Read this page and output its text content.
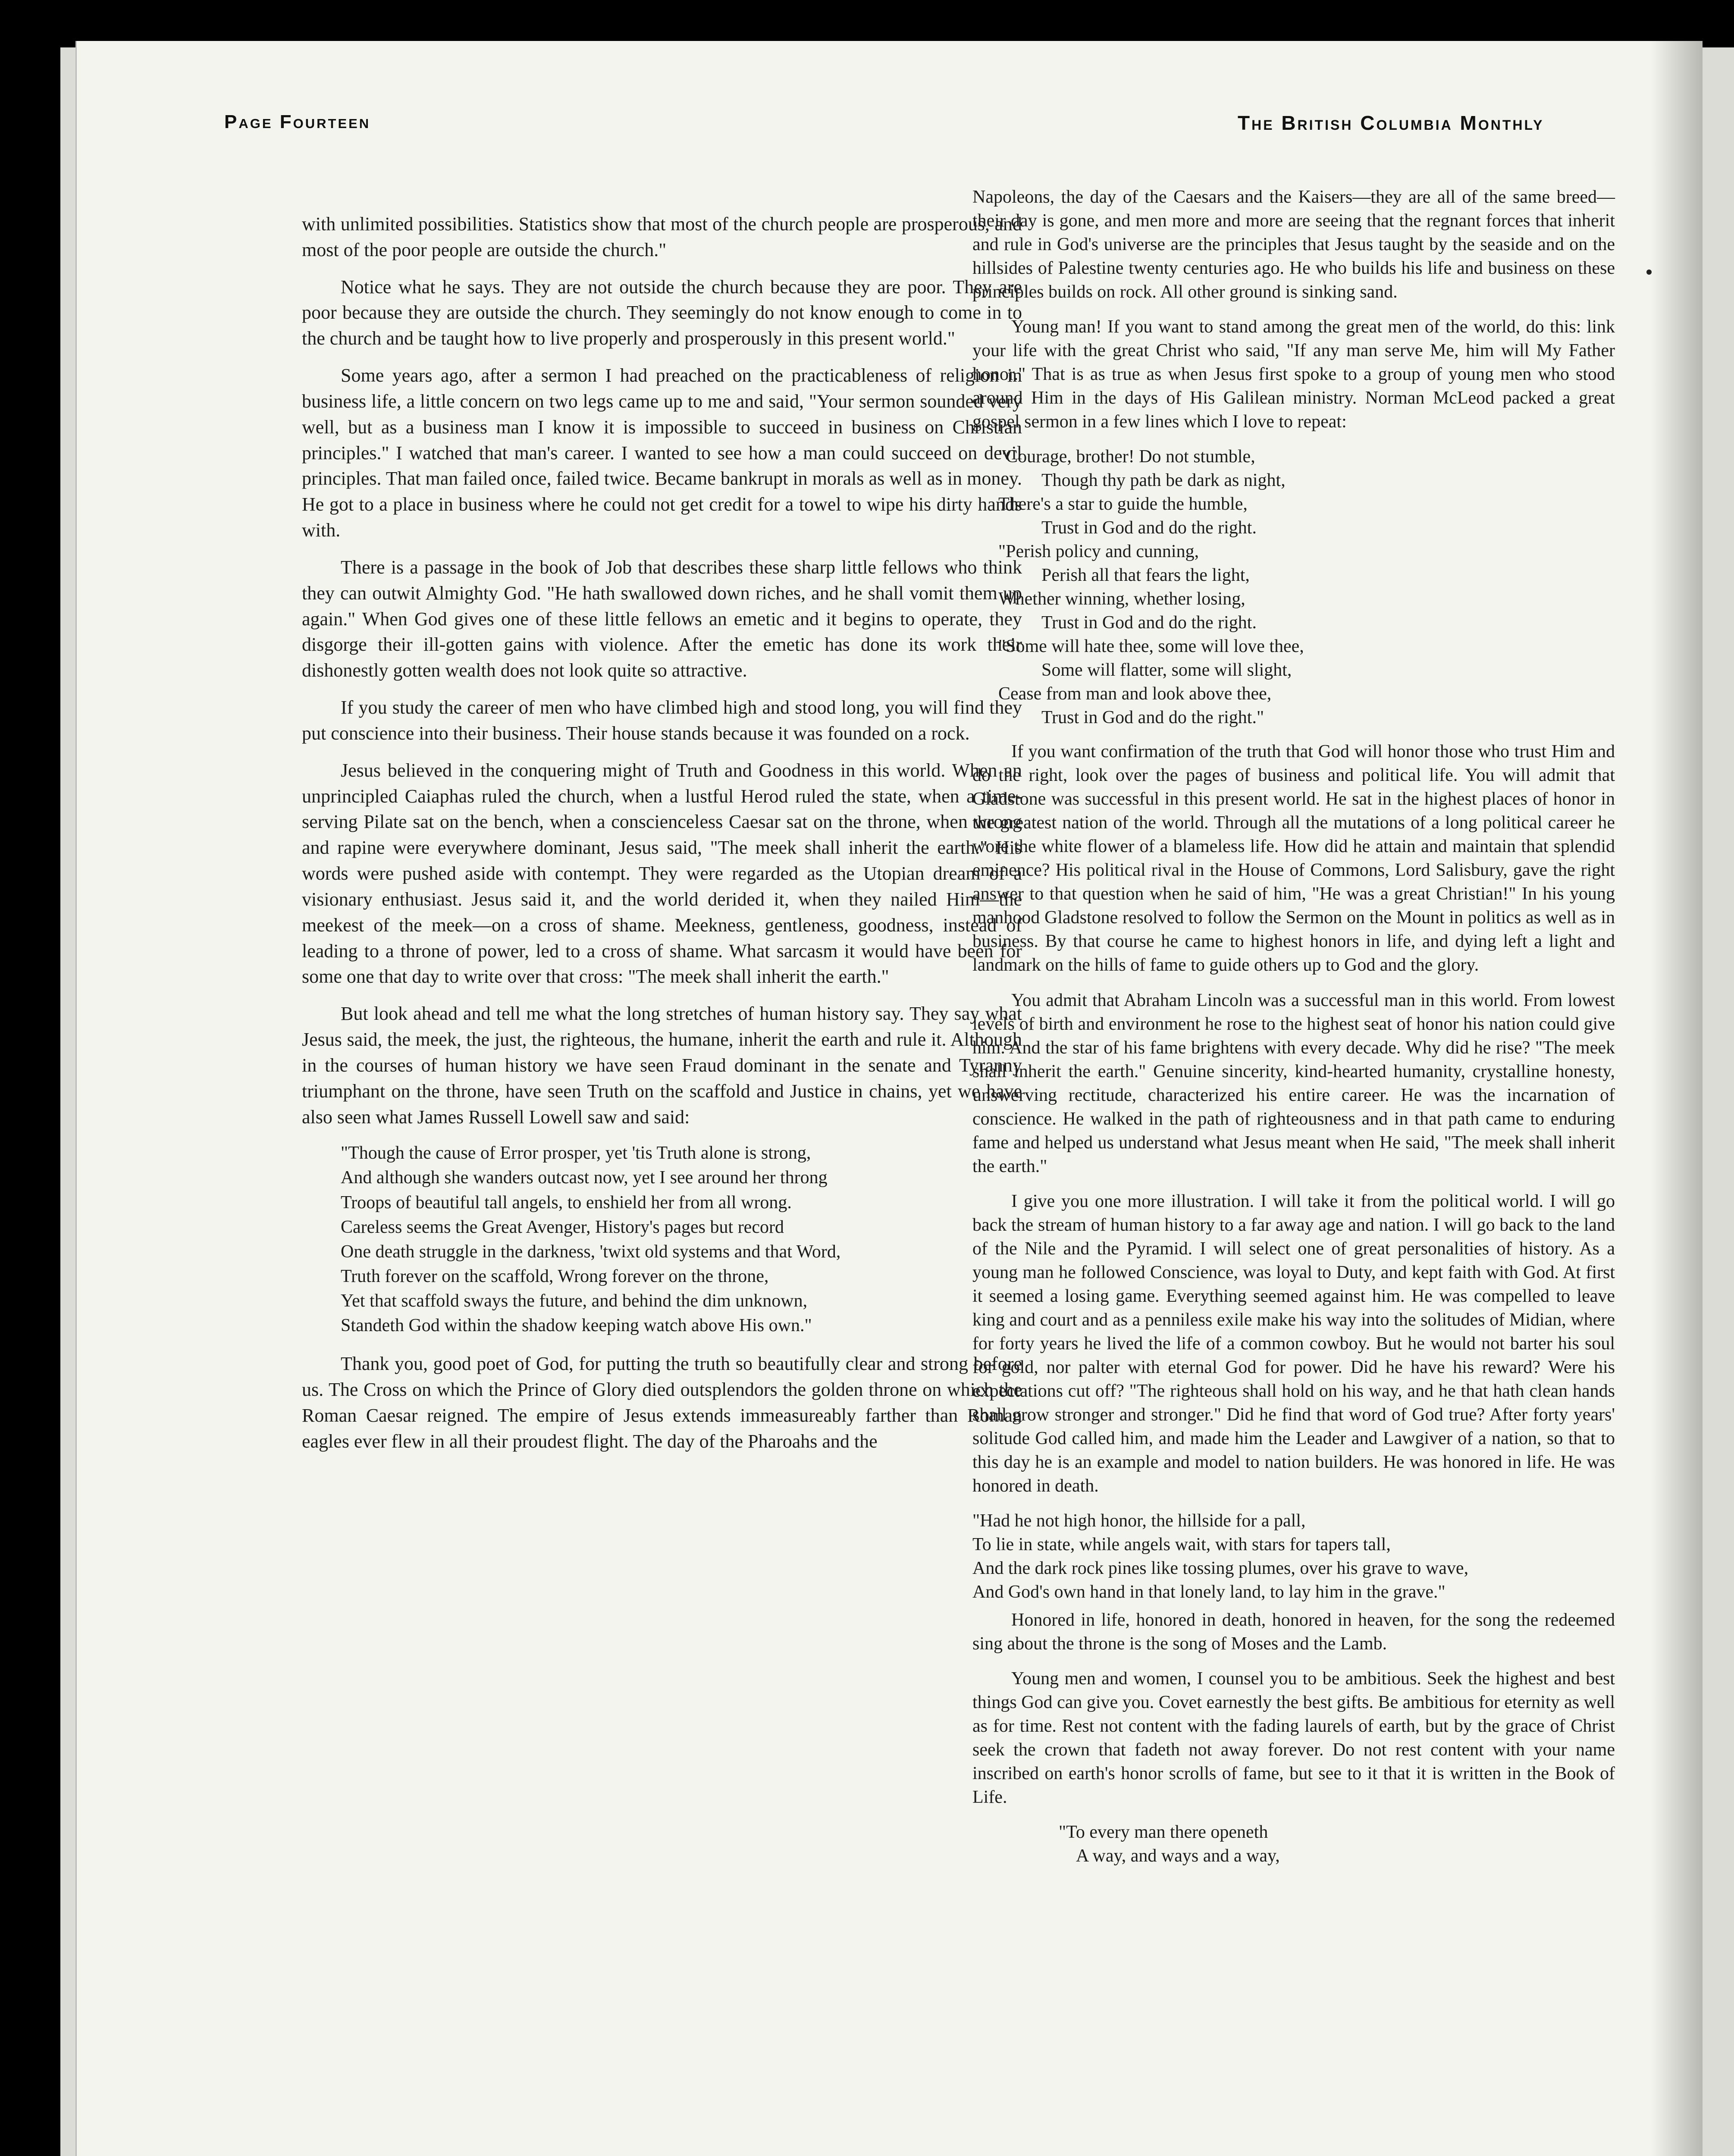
Page Fourteen	The British Columbia Monthly

with unlimited possibilities. Statistics show that most of the church people are prosperous, and most of the poor people are outside the church."

Notice what he says. They are not outside the church because they are poor. They are poor because they are outside the church. They seemingly do not know enough to come in to the church and be taught how to live properly and prosperously in this present world."

Some years ago, after a sermon I had preached on the practicableness of religion in business life, a little concern on two legs came up to me and said, "Your sermon sounded very well, but as a business man I know it is impossible to succeed in business on Christian principles." I watched that man's career. I wanted to see how a man could succeed on devil principles. That man failed once, failed twice. Became bankrupt in morals as well as in money. He got to a place in business where he could not get credit for a towel to wipe his dirty hands with.

There is a passage in the book of Job that describes these sharp little fellows who think they can outwit Almighty God. "He hath swallowed down riches, and he shall vomit them up again." When God gives one of these little fellows an emetic and it begins to operate, they disgorge their ill-gotten gains with violence. After the emetic has done its work their dishonestly gotten wealth does not look quite so attractive.

If you study the career of men who have climbed high and stood long, you will find they put conscience into their business. Their house stands because it was founded on a rock.

Jesus believed in the conquering might of Truth and Goodness in this world. When an unprincipled Caiaphas ruled the church, when a lustful Herod ruled the state, when a time-serving Pilate sat on the bench, when a conscienceless Caesar sat on the throne, when wrong and rapine were everywhere dominant, Jesus said, "The meek shall inherit the earth." His words were pushed aside with contempt. They were regarded as the Utopian dream of a visionary enthusiast. Jesus said it, and the world derided it, when they nailed Him—the meekest of the meek—on a cross of shame. Meekness, gentleness, goodness, instead of leading to a throne of power, led to a cross of shame. What sarcasm it would have been for some one that day to write over that cross: "The meek shall inherit the earth."

But look ahead and tell me what the long stretches of human history say. They say what Jesus said, the meek, the just, the righteous, the humane, inherit the earth and rule it. Although in the courses of human history we have seen Fraud dominant in the senate and Tyranny triumphant on the throne, have seen Truth on the scaffold and Justice in chains, yet we have also seen what James Russell Lowell saw and said:

"Though the cause of Error prosper, yet 'tis Truth alone is strong,
And although she wanders outcast now, yet I see around her throng
Troops of beautiful tall angels, to enshield her from all wrong.
Careless seems the Great Avenger, History's pages but record
One death struggle in the darkness, 'twixt old systems and that Word,
Truth forever on the scaffold, Wrong forever on the throne,
Yet that scaffold sways the future, and behind the dim unknown,
Standeth God within the shadow keeping watch above His own."

Thank you, good poet of God, for putting the truth so beautifully clear and strong before us. The Cross on which the Prince of Glory died outsplendors the golden throne on which the Roman Caesar reigned. The empire of Jesus extends immeasureably farther than Roman eagles ever flew in all their proudest flight. The day of the Pharoahs and the

Napoleons, the day of the Caesars and the Kaisers—they are all of the same breed—their day is gone, and men more and more are seeing that the regnant forces that inherit and rule in God's universe are the principles that Jesus taught by the seaside and on the hillsides of Palestine twenty centuries ago. He who builds his life and business on these principles builds on rock. All other ground is sinking sand.

Young man! If you want to stand among the great men of the world, do this: link your life with the great Christ who said, "If any man serve Me, him will My Father honor." That is as true as when Jesus first spoke to a group of young men who stood around Him in the days of His Galilean ministry. Norman McLeod packed a great gospel sermon in a few lines which I love to repeat:

"Courage, brother! Do not stumble,
Though thy path be dark as night,
There's a star to guide the humble,
Trust in God and do the right.
"Perish policy and cunning,
Perish all that fears the light,
Whether winning, whether losing,
Trust in God and do the right.
"Some will hate thee, some will love thee,
Some will flatter, some will slight,
Cease from man and look above thee,
Trust in God and do the right."

If you want confirmation of the truth that God will honor those who trust Him and do the right, look over the pages of business and political life. You will admit that Gladstone was successful in this present world. He sat in the highest places of honor in the greatest nation of the world. Through all the mutations of a long political career he wore the white flower of a blameless life. How did he attain and maintain that splendid eminence? His political rival in the House of Commons, Lord Salisbury, gave the right answer to that question when he said of him, "He was a great Christian!" In his young manhood Gladstone resolved to follow the Sermon on the Mount in politics as well as in business. By that course he came to highest honors in life, and dying left a light and landmark on the hills of fame to guide others up to God and the glory.

You admit that Abraham Lincoln was a successful man in this world. From lowest levels of birth and environment he rose to the highest seat of honor his nation could give him. And the star of his fame brightens with every decade. Why did he rise? "The meek shall inherit the earth." Genuine sincerity, kind-hearted humanity, crystalline honesty, unswerving rectitude, characterized his entire career. He was the incarnation of conscience. He walked in the path of righteousness and in that path came to enduring fame and helped us understand what Jesus meant when He said, "The meek shall inherit the earth."

I give you one more illustration. I will take it from the political world. I will go back the stream of human history to a far away age and nation. I will go back to the land of the Nile and the Pyramid. I will select one of great personalities of history. As a young man he followed Conscience, was loyal to Duty, and kept faith with God. At first it seemed a losing game. Everything seemed against him. He was compelled to leave king and court and as a penniless exile make his way into the solitudes of Midian, where for forty years he lived the life of a common cowboy. But he would not barter his soul for gold, nor palter with eternal God for power. Did he have his reward? Were his expectations cut off? "The righteous shall hold on his way, and he that hath clean hands shall grow stronger and stronger." Did he find that word of God true? After forty years' solitude God called him, and made him the Leader and Lawgiver of a nation, so that to this day he is an example and model to nation builders. He was honored in life. He was honored in death.

"Had he not high honor, the hillside for a pall,
To lie in state, while angels wait, with stars for tapers tall,
And the dark rock pines like tossing plumes, over his grave to wave,
And God's own hand in that lonely land, to lay him in the grave."

Honored in life, honored in death, honored in heaven, for the song the redeemed sing about the throne is the song of Moses and the Lamb.

Young men and women, I counsel you to be ambitious. Seek the highest and best things God can give you. Covet earnestly the best gifts. Be ambitious for eternity as well as for time. Rest not content with the fading laurels of earth, but by the grace of Christ seek the crown that fadeth not away forever. Do not rest content with your name inscribed on earth's honor scrolls of fame, but see to it that it is written in the Book of Life.

"To every man there openeth
A way, and ways and a way,
